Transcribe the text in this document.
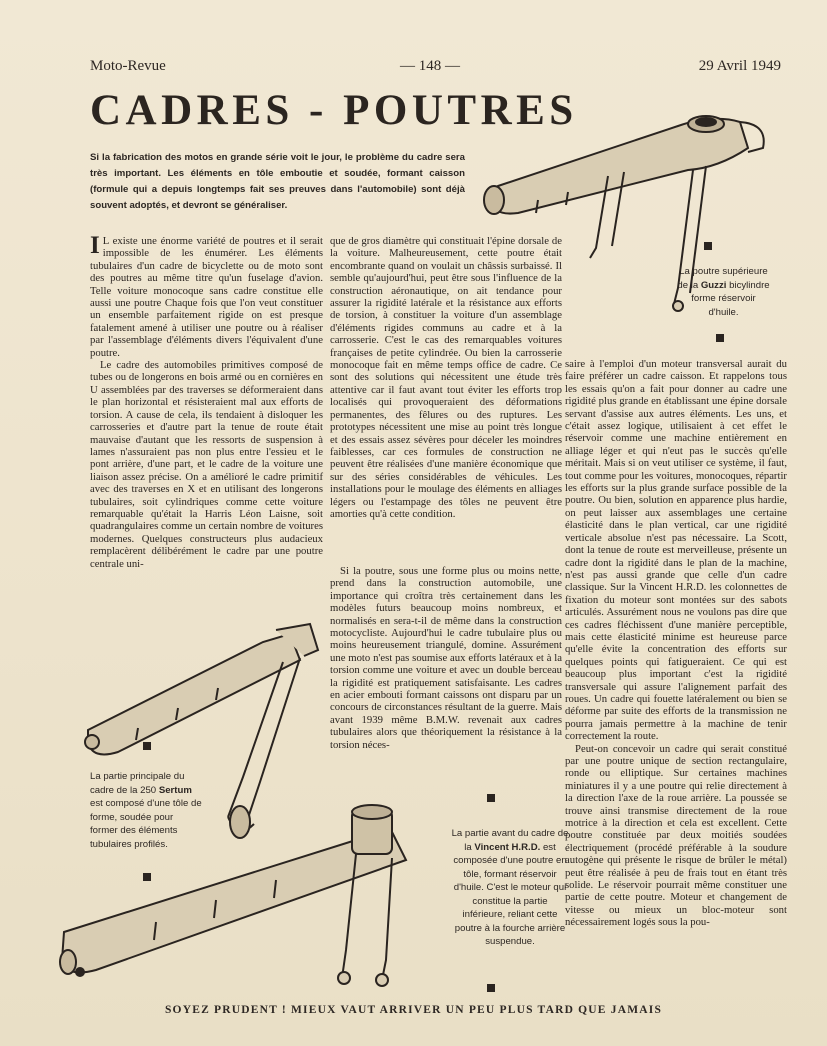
Moto-Revue	— 148 —	29 Avril 1949
CADRES - POUTRES
Si la fabrication des motos en grande série voit le jour, le problème du cadre sera très important. Les éléments en tôle emboutie et soudée, formant caisson (formule qui a depuis longtemps fait ses preuves dans l'automobile) sont déjà souvent adoptés, et devront se généraliser.
La poutre supérieure de la Guzzi bicylindre forme réservoir d'huile.

I L existe une énorme variété de poutres et il serait impossible de les énumérer. Les éléments tubulaires d'un cadre de bicyclette ou de moto sont des poutres au même titre qu'un fuselage d'avion. Telle voiture monocoque sans cadre constitue elle aussi une poutre Chaque fois que l'on veut constituer un ensemble parfaitement rigide on est presque fatalement amené à utiliser une poutre ou à réaliser par l'assemblage d'éléments divers l'équivalent d'une poutre.

Le cadre des automobiles primitives composé de tubes ou de longerons en bois armé ou en cornières en U assemblées par des traverses se déformeraient dans le plan horizontal et résisteraient mal aux efforts de torsion. A cause de cela, ils tendaient à disloquer les carrosseries et d'autre part la tenue de route était mauvaise d'autant que les ressorts de suspension à lames n'assuraient pas non plus entre l'essieu et le pont arrière, d'une part, et le cadre de la voiture une liaison assez précise. On a amélioré le cadre primitif avec des traverses en X et en utilisant des longerons tubulaires, soit cylindriques comme cette voiture remarquable qu'était la Harris Léon Laisne, soit quadrangulaires comme un certain nombre de voitures modernes. Quelques constructeurs plus audacieux remplacèrent délibérément le cadre par une poutre centrale uni-

que de gros diamètre qui constituait l'épine dorsale de la voiture. Malheureusement, cette poutre était encombrante quand on voulait un châssis surbaissé. Il semble qu'aujourd'hui, peut être sous l'influence de la construction aéronautique, on ait tendance pour assurer la rigidité latérale et la résistance aux efforts de torsion, à constituer la voiture d'un assemblage d'éléments rigides communs au cadre et à la carrosserie. C'est le cas des remarquables voitures françaises de petite cylindrée. Ou bien la carrosserie monocoque fait en même temps office de cadre. Ce sont des solutions qui nécessitent une étude très attentive car il faut avant tout éviter les efforts trop localisés qui provoqueraient des déformations permanentes, des fêlures ou des ruptures. Les prototypes nécessitent une mise au point très longue et des essais assez sévères pour déceler les moindres faiblesses, car ces formules de construction ne peuvent être réalisées d'une manière économique que sur des séries considérables de véhicules. Les installations pour le moulage des éléments en alliages légers ou l'estampage des tôles ne peuvent être amorties qu'à cette condition.

Si la poutre, sous une forme plus ou moins nette, prend dans la construction automobile, une importance qui croîtra très certainement dans les modèles futurs beaucoup moins nombreux, et normalisés en sera-t-il de même dans la construction motocycliste. Aujourd'hui le cadre tubulaire plus ou moins heureusement triangulé, domine. Assurément une moto n'est pas soumise aux efforts latéraux et à la torsion comme une voiture et avec un double berceau la rigidité est pratiquement satisfaisante. Les cadres en acier embouti formant caissons ont disparu par un concours de circonstances résultant de la guerre. Mais avant 1939 même B.M.W. revenait aux cadres tubulaires alors que théoriquement la résistance à la torsion néces-

saire à l'emploi d'un moteur transversal aurait du faire préférer un cadre caisson. Et rappelons tous les essais qu'on a fait pour donner au cadre une rigidité plus grande en établissant une épine dorsale servant d'assise aux autres éléments. Les uns, et c'était assez logique, utilisaient à cet effet le réservoir comme une machine entièrement en alliage léger et qui n'eut pas le succès qu'elle méritait. Mais si on veut utiliser ce système, il faut, tout comme pour les voitures, monocoques, répartir les efforts sur la plus grande surface possible de la poutre. Ou bien, solution en apparence plus hardie, on peut laisser aux assemblages une certaine élasticité dans le plan vertical, car une rigidité verticale absolue n'est pas nécessaire. La Scott, dont la tenue de route est merveilleuse, présente un cadre dont la rigidité dans le plan de la machine, n'est pas aussi grande que celle d'un cadre classique. Sur la Vincent H.R.D. les colonnettes de fixation du moteur sont montées sur des sabots articulés. Assurément nous ne voulons pas dire que ces cadres fléchissent d'une manière perceptible, mais cette élasticité minime est heureuse parce qu'elle évite la concentration des efforts sur quelques points qui fatigueraient. Ce qui est beaucoup plus important c'est la rigidité transversale qui assure l'alignement parfait des roues. Un cadre qui fouette latéralement ou bien se déforme par suite des efforts de la transmission ne pourra jamais permettre à la machine de tenir correctement la route.

Peut-on concevoir un cadre qui serait constitué par une poutre unique de section rectangulaire, ronde ou elliptique. Sur certaines machines miniatures il y a une poutre qui relie directement à la direction l'axe de la roue arrière. La poussée se trouve ainsi transmise directement de la roue motrice à la direction et cela est excellent. Cette poutre constituée par deux moitiés soudées électriquement (procédé préférable à la soudure autogène qui présente le risque de brûler le métal) peut être réalisée à peu de frais tout en étant très solide. Le réservoir pourrait même constituer une partie de cette poutre. Moteur et changement de vitesse ou mieux un bloc-moteur sont nécessairement logés sous la pou-

La partie principale du cadre de la 250 Sertum est composé d'une tôle de forme, soudée pour former des éléments tubulaires profilés.
La partie avant du cadre de la Vincent H.R.D. est composée d'une poutre en tôle, formant réservoir d'huile. C'est le moteur qui constitue la partie inférieure, reliant cette poutre à la fourche arrière suspendue.
SOYEZ PRUDENT ! MIEUX VAUT ARRIVER UN PEU PLUS TARD QUE JAMAIS
